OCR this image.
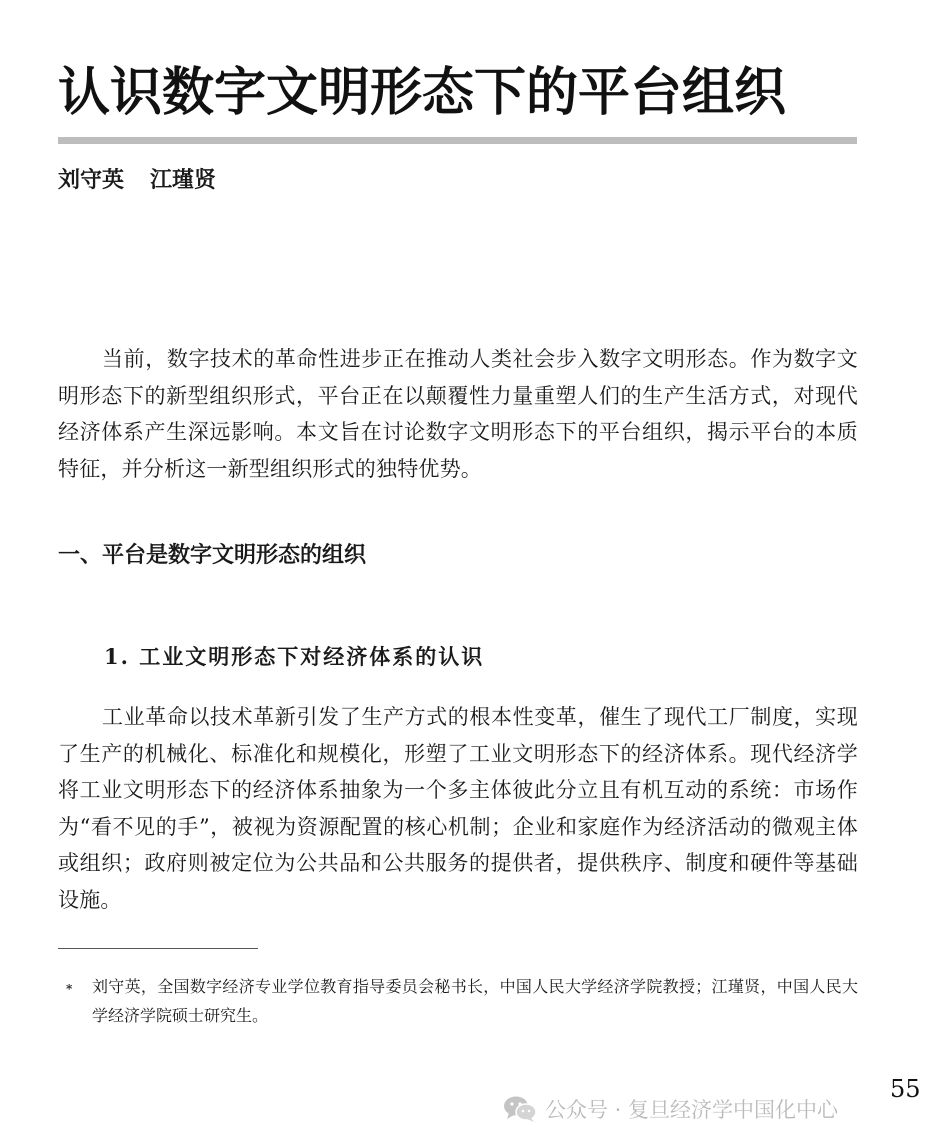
认识数字文明形态下的平台组织
刘守英 江瑾贤

当前，数字技术的革命性进步正在推动人类社会步入数字文明形态。作为数字文明形态下的新型组织形式，平台正在以颠覆性力量重塑人们的生产生活方式，对现代经济体系产生深远影响。本文旨在讨论数字文明形态下的平台组织，揭示平台的本质特征，并分析这一新型组织形式的独特优势。

一、平台是数字文明形态的组织
1. 工业文明形态下对经济体系的认识

工业革命以技术革新引发了生产方式的根本性变革，催生了现代工厂制度，实现了生产的机械化、标准化和规模化，形塑了工业文明形态下的经济体系。现代经济学将工业文明形态下的经济体系抽象为一个多主体彼此分立且有机互动的系统：市场作为“看不见的手”，被视为资源配置的核心机制；企业和家庭作为经济活动的微观主体或组织；政府则被定位为公共品和公共服务的提供者，提供秩序、制度和硬件等基础设施。

* 刘守英，全国数字经济专业学位教育指导委员会秘书长，中国人民大学经济学院教授；江瑾贤，中国人民大学经济学院硕士研究生。
公众号 · 复旦经济学中国化中心
55
